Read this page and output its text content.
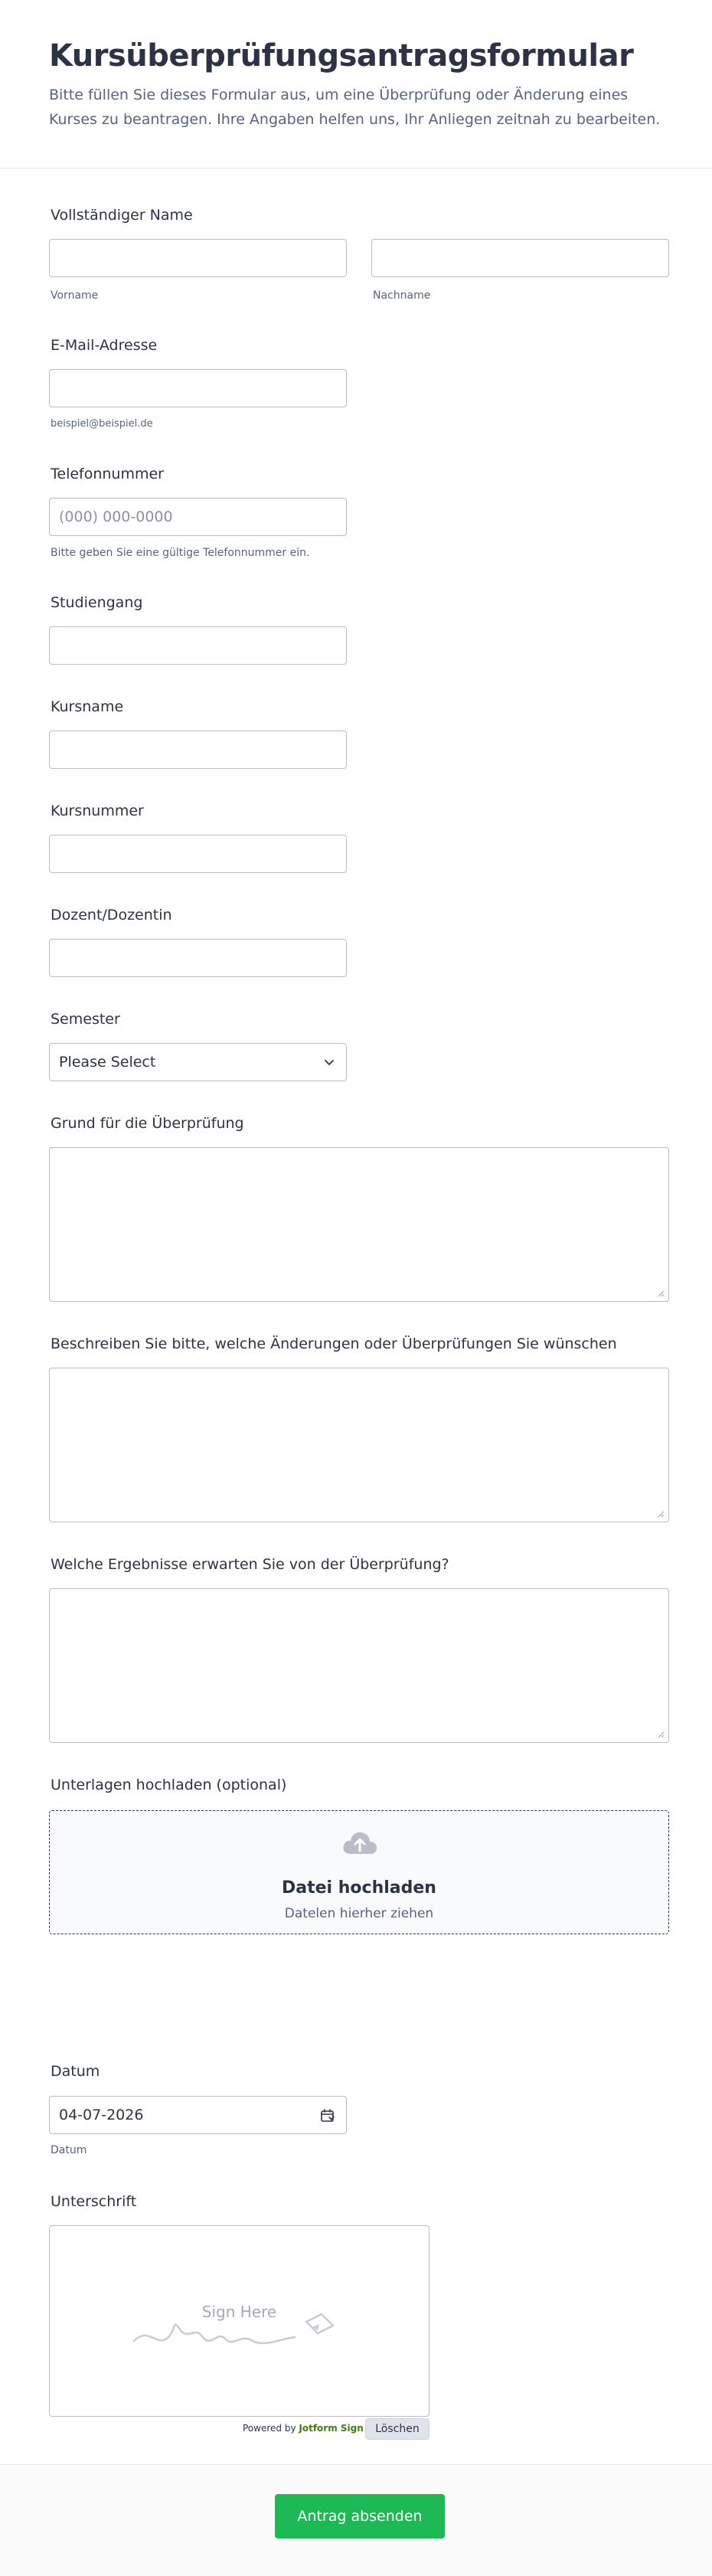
Kursüberprüfungsantragsformular

Bitte füllen Sie dieses Formular aus, um eine Überprüfung oder Änderung eines Kurses zu beantragen. Ihre Angaben helfen uns, Ihr Anliegen zeitnah zu bearbeiten.

Vollständiger Name
Vorname	Nachname
E-Mail-Adresse
beispiel@beispiel.de
Telefonnummer
(000) 000-0000
Bitte geben Sie eine gültige Telefonnummer ein.
Studiengang
Kursname
Kursnummer
Dozent/Dozentin
Semester
Please Select
Grund für die Überprüfung
Beschreiben Sie bitte, welche Änderungen oder Überprüfungen Sie wünschen
Welche Ergebnisse erwarten Sie von der Überprüfung?
Unterlagen hochladen (optional)
Datei hochladen
Datelen hierher ziehen
Datum
04-07-2026
Datum
Unterschrift
Sign Here
Powered by Jotform Sign	Löschen
Antrag absenden
